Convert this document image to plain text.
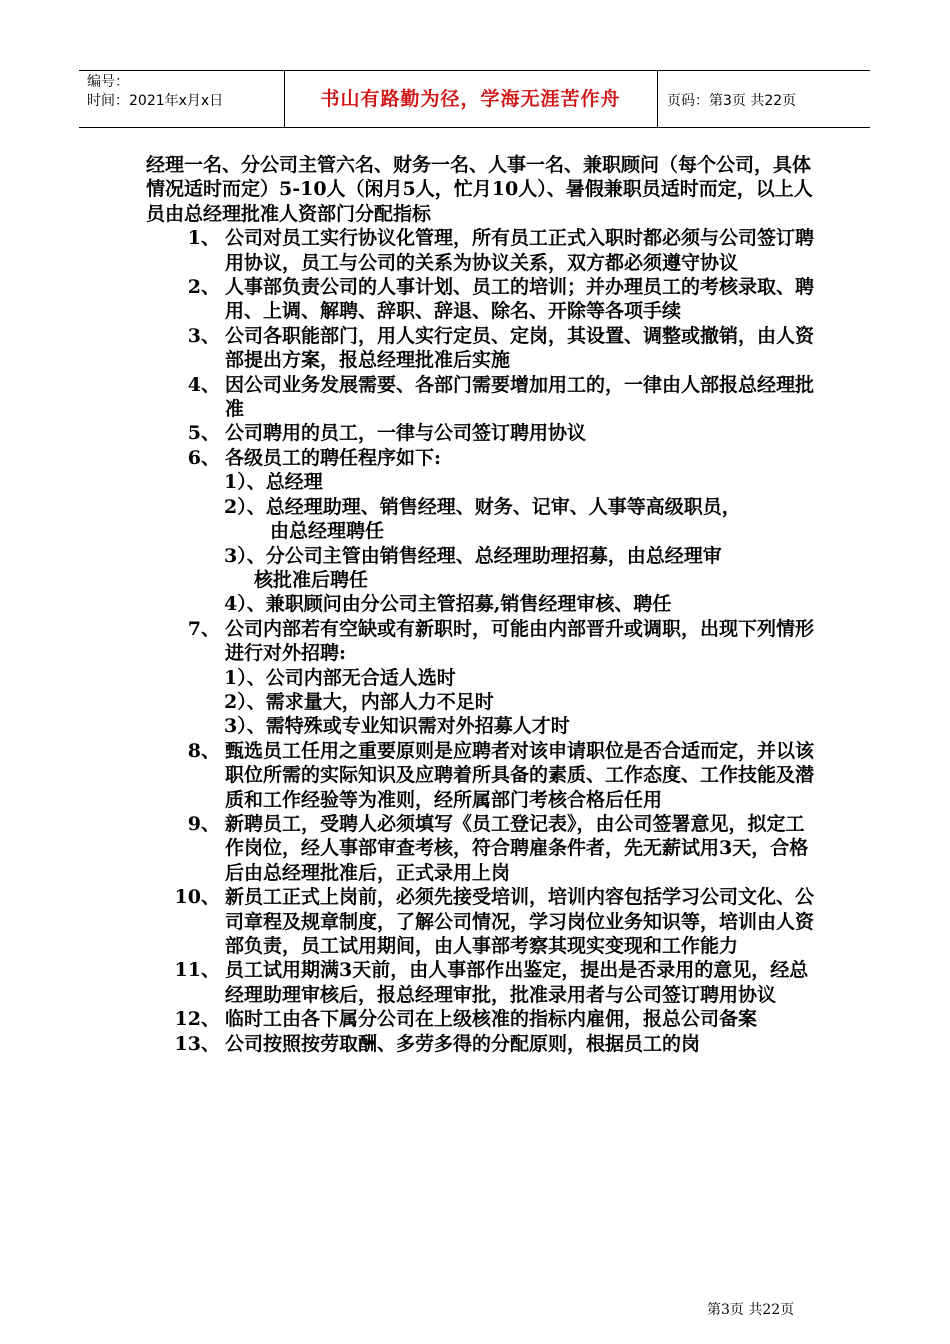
编号：
时间：2021年x月x日	书山有路勤为径，学海无涯苦作舟	页码：第3页 共22页

经理一名、分公司主管六名、财务一名、人事一名、兼职顾问（每个公司，具体情况适时而定）5-10人（闲月5人，忙月10人）、暑假兼职员适时而定，以上人员由总经理批准人资部门分配指标

1、 公司对员工实行协议化管理，所有员工正式入职时都必须与公司签订聘用协议，员工与公司的关系为协议关系，双方都必须遵守协议
2、 人事部负责公司的人事计划、员工的培训；并办理员工的考核录取、聘用、上调、解聘、辞职、辞退、除名、开除等各项手续
3、 公司各职能部门，用人实行定员、定岗，其设置、调整或撤销，由人资部提出方案，报总经理批准后实施
4、 因公司业务发展需要、各部门需要增加用工的，一律由人部报总经理批准
5、 公司聘用的员工，一律与公司签订聘用协议
6、 各级员工的聘任程序如下:
1）、总经理
2）、总经理助理、销售经理、财务、记审、人事等高级职员，
由总经理聘任
3）、分公司主管由销售经理、总经理助理招募，由总经理审
核批准后聘任
4）、兼职顾问由分公司主管招募,销售经理审核、聘任
7、 公司内部若有空缺或有新职时，可能由内部晋升或调职，出现下列情形进行对外招聘:
1）、公司内部无合适人选时
2）、需求量大，内部人力不足时
3）、需特殊或专业知识需对外招募人才时
8、 甄选员工任用之重要原则是应聘者对该申请职位是否合适而定，并以该职位所需的实际知识及应聘着所具备的素质、工作态度、工作技能及潜质和工作经验等为准则，经所属部门考核合格后任用
9、 新聘员工，受聘人必须填写《员工登记表》，由公司签署意见，拟定工作岗位，经人事部审查考核，符合聘雇条件者，先无薪试用3天，合格后由总经理批准后，正式录用上岗
10、 新员工正式上岗前，必须先接受培训，培训内容包括学习公司文化、公司章程及规章制度，了解公司情况，学习岗位业务知识等，培训由人资部负责，员工试用期间，由人事部考察其现实变现和工作能力
11、 员工试用期满3天前，由人事部作出鉴定，提出是否录用的意见，经总经理助理审核后，报总经理审批，批准录用者与公司签订聘用协议
12、 临时工由各下属分公司在上级核准的指标内雇佣，报总公司备案
13、 公司按照按劳取酬、多劳多得的分配原则，根据员工的岗
第3页 共22页
